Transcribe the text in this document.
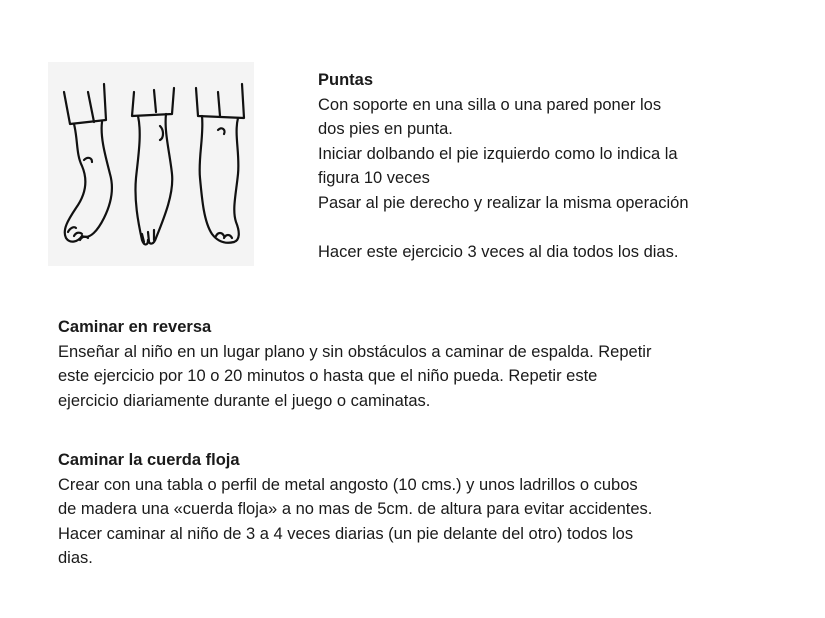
Puntas
Con soporte en una silla o una pared poner los
dos pies en punta.
Iniciar dolbando el pie izquierdo como lo indica la
figura 10 veces
Pasar al pie derecho y realizar la misma operación
Hacer este ejercicio 3 veces al dia todos los dias.
Caminar en reversa
Enseñar al niño en un lugar plano y sin obstáculos a caminar de espalda. Repetir
este ejercicio por 10 o 20 minutos o hasta que el niño pueda. Repetir este
ejercicio diariamente durante el juego o caminatas.
Caminar la cuerda floja
Crear con una tabla o perfil de metal angosto (10 cms.) y unos ladrillos o cubos
de madera una «cuerda floja» a no mas de 5cm. de altura para evitar accidentes.
Hacer caminar al niño de 3 a 4 veces diarias (un pie delante del otro) todos los
dias.
